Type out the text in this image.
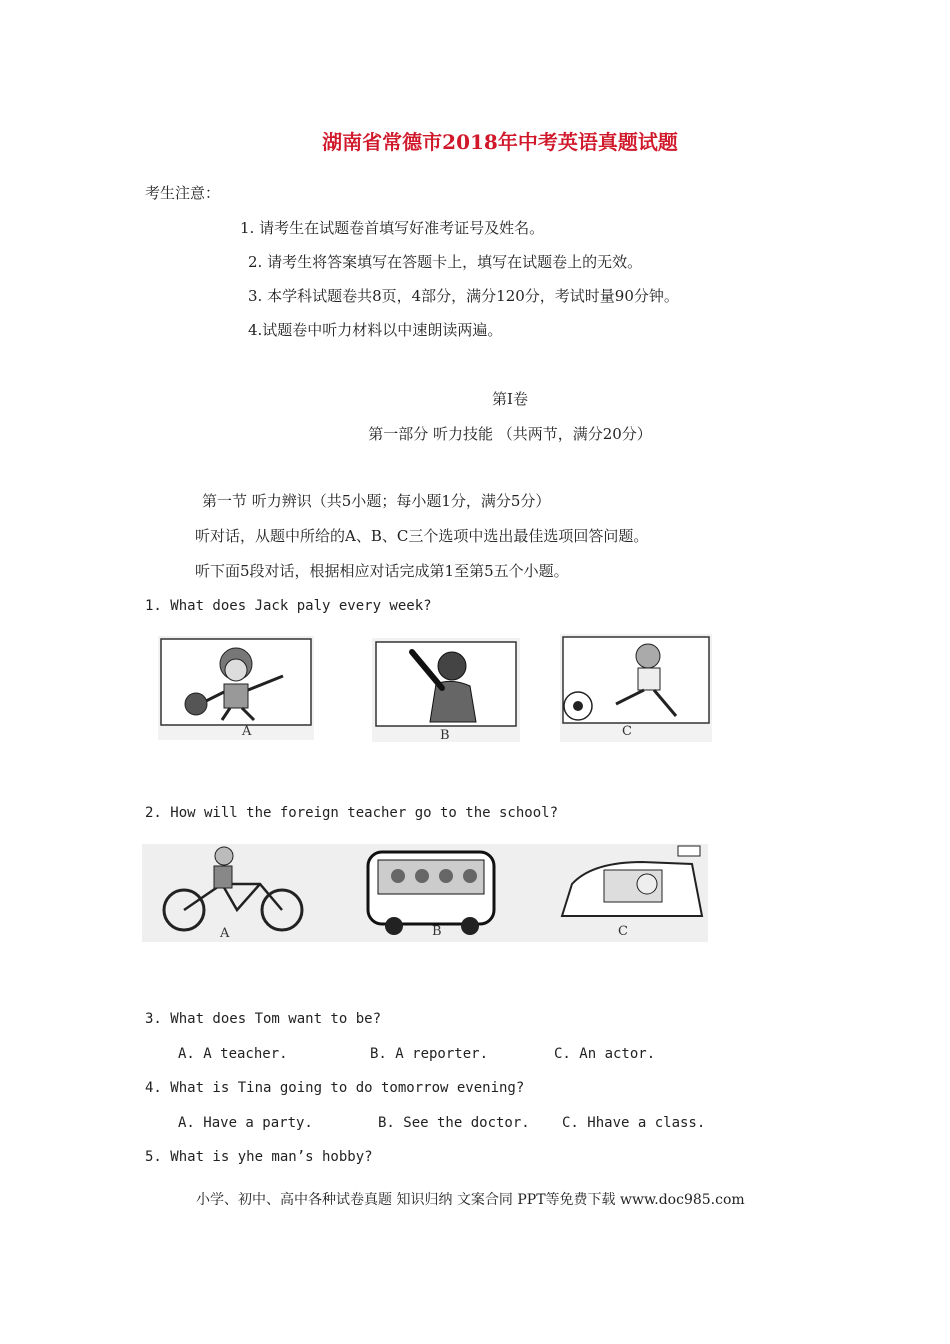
湖南省常德市2018年中考英语真题试题
考生注意：
1. 请考生在试题卷首填写好准考证号及姓名。
2. 请考生将答案填写在答题卡上，填写在试题卷上的无效。
3. 本学科试题卷共8页，4部分，满分120分，考试时量90分钟。
4.试题卷中听力材料以中速朗读两遍。
第Ⅰ卷
第一部分 听力技能 （共两节，满分20分）
第一节 听力辨识（共5小题；每小题1分，满分5分）
听对话，从题中所给的A、B、C三个选项中选出最佳选项回答问题。
听下面5段对话，根据相应对话完成第1至第5五个小题。
1. What does Jack paly every week?
A	B	C
2. How will the foreign teacher go to the school?
A	B	C
3. What does Tom want to be?
A. A teacher.	B. A reporter.	C. An actor.
4. What is Tina going to do tomorrow evening?
A. Have a party.	B. See the doctor. C. Hhave a class.
5. What is yhe man’s hobby?
小学、初中、高中各种试卷真题 知识归纳 文案合同 PPT等免费下载 www.doc985.com
